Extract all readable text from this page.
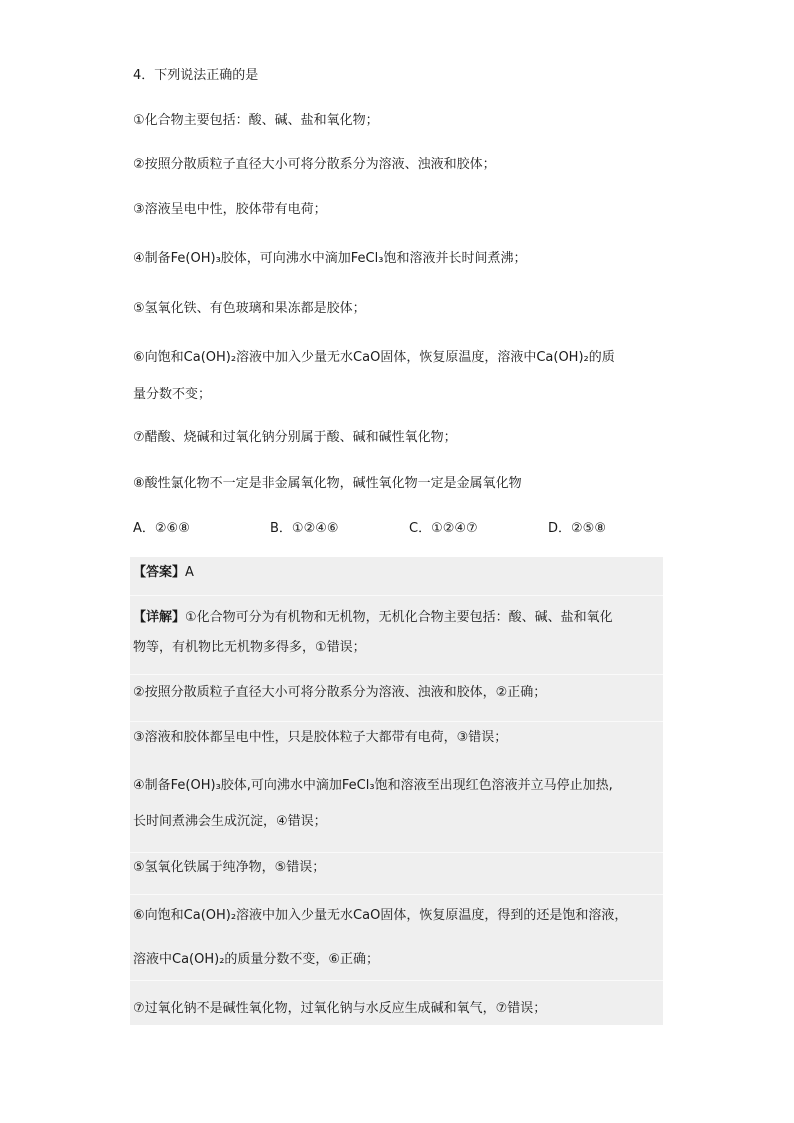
4．下列说法正确的是
①化合物主要包括：酸、碱、盐和氧化物；
②按照分散质粒子直径大小可将分散系分为溶液、浊液和胶体；
③溶液呈电中性，胶体带有电荷；
④制备Fe(OH)₃胶体，可向沸水中滴加FeCl₃饱和溶液并长时间煮沸；
⑤氢氧化铁、有色玻璃和果冻都是胶体；
⑥向饱和Ca(OH)₂溶液中加入少量无水CaO固体，恢复原温度，溶液中Ca(OH)₂的质
量分数不变；
⑦醋酸、烧碱和过氧化钠分别属于酸、碱和碱性氧化物；
⑧酸性氯化物不一定是非金属氧化物，碱性氧化物一定是金属氧化物
A．②⑥⑧	B．①②④⑥	C．①②④⑦	D．②⑤⑧
【答案】A
【详解】①化合物可分为有机物和无机物，无机化合物主要包括：酸、碱、盐和氧化
物等，有机物比无机物多得多，①错误；
②按照分散质粒子直径大小可将分散系分为溶液、浊液和胶体，②正确；
③溶液和胶体都呈电中性，只是胶体粒子大都带有电荷，③错误；
④制备Fe(OH)₃胶体,可向沸水中滴加FeCl₃饱和溶液至出现红色溶液并立马停止加热,
长时间煮沸会生成沉淀，④错误；
⑤氢氧化铁属于纯净物，⑤错误；
⑥向饱和Ca(OH)₂溶液中加入少量无水CaO固体，恢复原温度，得到的还是饱和溶液，
溶液中Ca(OH)₂的质量分数不变，⑥正确；
⑦过氧化钠不是碱性氧化物，过氧化钠与水反应生成碱和氧气，⑦错误；
